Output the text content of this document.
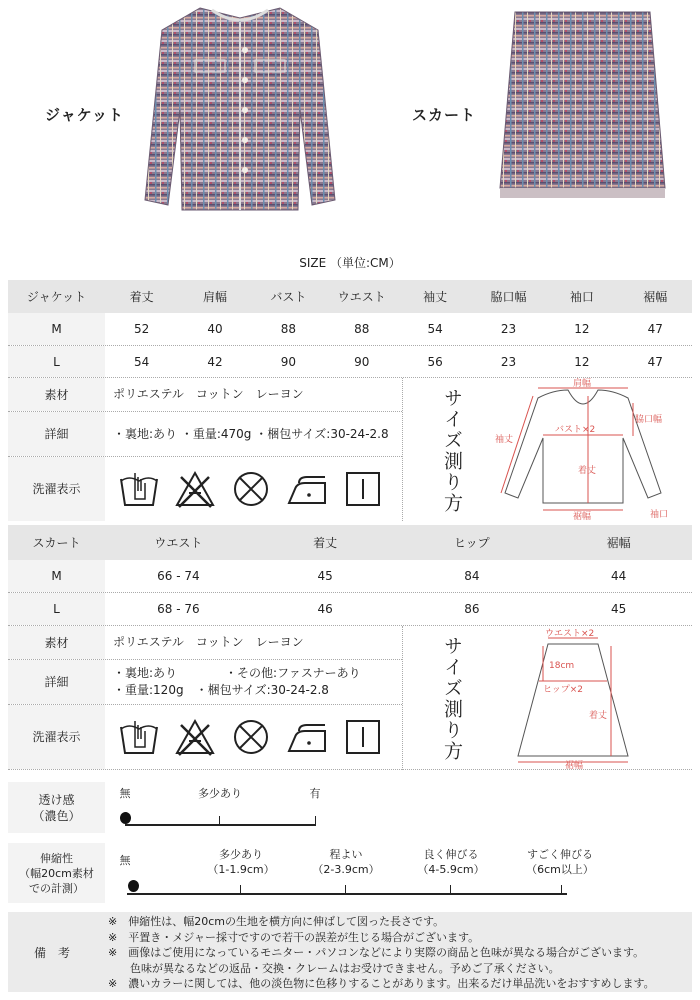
ジャケット	スカート
SIZE （単位:CM）
ジャケット	着丈	肩幅	バスト	ウエスト	袖丈	脇口幅	袖口	裾幅
M	52	40	88	88	54	23	12	47
L	54	42	90	90	56	23	12	47
素材	ポリエステル　コットン　レーヨン
詳細	・裏地:あり ・重量:470g ・梱包サイズ:30-24-2.8
洗濯表示	サイズ測り方
肩幅
脇口幅
バスト×2
袖丈
着丈
裾幅	袖口
スカート	ウエスト	着丈	ヒップ	裾幅
M	66 - 74	45	84	44
L	68 - 76	46	86	45
素材	ポリエステル　コットン　レーヨン
詳細
・裏地:あり　　　　・その他:ファスナーあり
・重量:120g　・梱包サイズ:30-24-2.8
洗濯表示	サイズ測り方
ウエスト×2
18cm
ヒップ×2
着丈
裾幅
透け感
（濃色）
無	多少あり	有
伸縮性
（幅20cm素材
での計測）
無	多少あり
（1-1.9cm）
程よい
（2-3.9cm）
良く伸びる
（4-5.9cm）
すごく伸びる
（6cm以上）
備　考

※　伸縮性は、幅20cmの生地を横方向に伸ばして図った長さです。

※　平置き・メジャー採寸ですので若干の誤差が生じる場合がございます。

※　画像はご使用になっているモニター・パソコンなどにより実際の商品と色味が異なる場合がございます。

　　色味が異なるなどの返品・交換・クレームはお受けできません。予めご了承ください。

※　濃いカラーに関しては、他の淡色物に色移りすることがあります。出来るだけ単品洗いをおすすめします。
